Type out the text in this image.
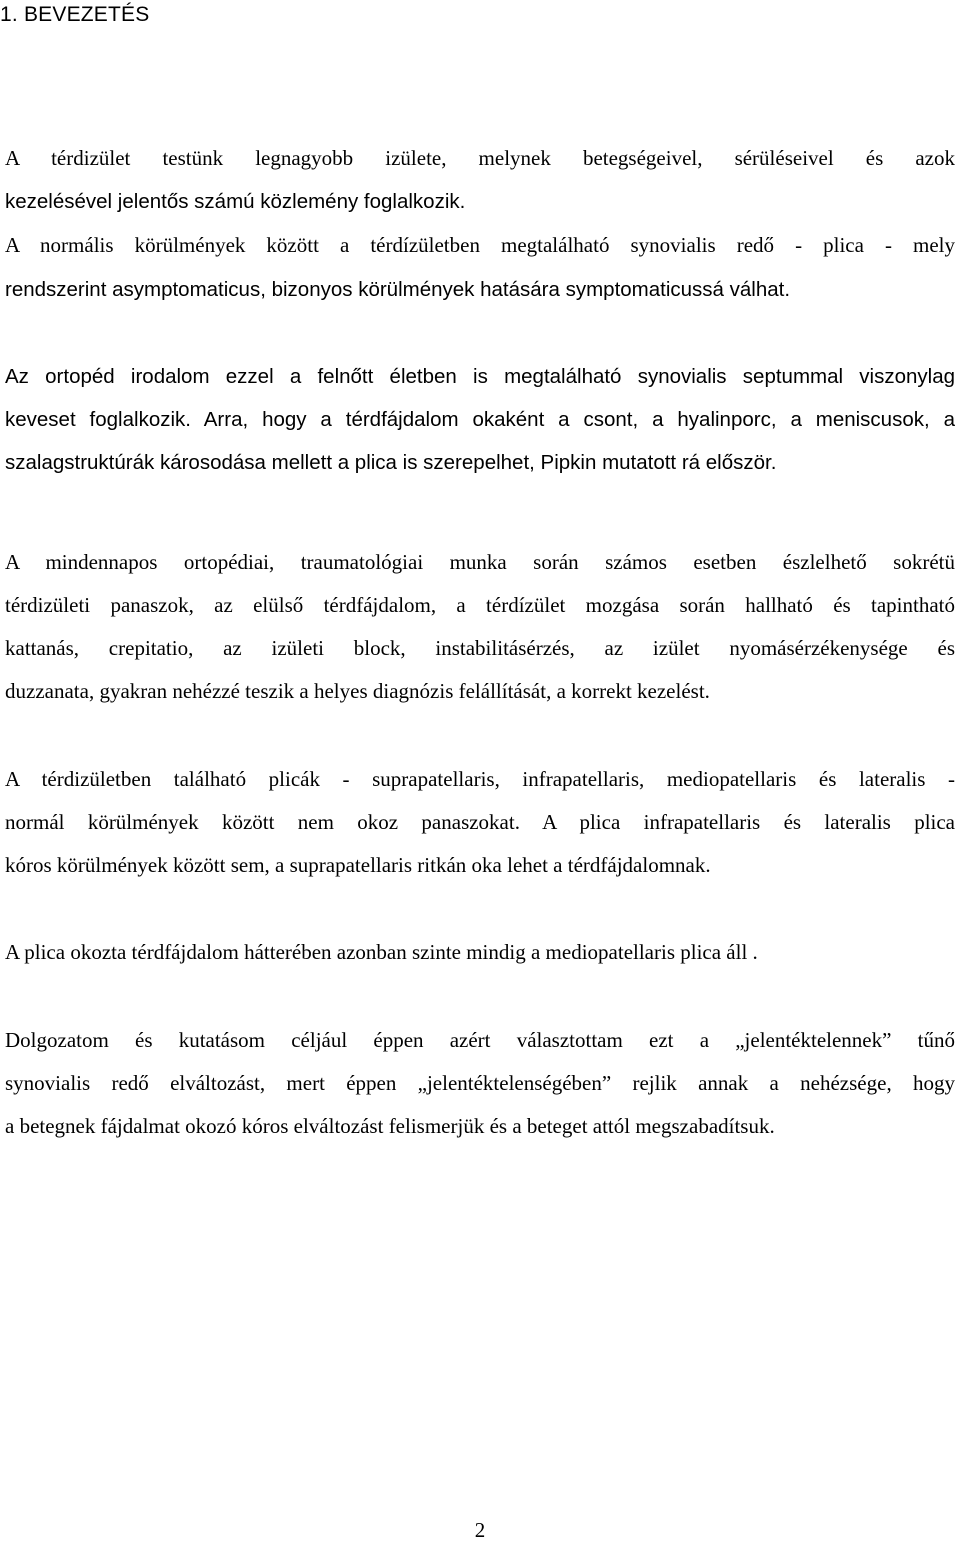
1. BEVEZETÉS
A térdizület testünk legnagyobb izülete, melynek betegségeivel, sérüléseivel és azok
kezelésével jelentős számú közlemény foglalkozik.
A normális körülmények között a térdízületben megtalálható synovialis redő - plica - mely
rendszerint asymptomaticus, bizonyos körülmények hatására symptomaticussá válhat.
Az ortopéd irodalom ezzel a felnőtt életben is megtalálható synovialis septummal viszonylag
keveset foglalkozik. Arra, hogy a térdfájdalom okaként a csont, a hyalinporc, a meniscusok, a
szalagstruktúrák károsodása mellett a plica is szerepelhet, Pipkin mutatott rá először.
A mindennapos ortopédiai, traumatológiai munka során számos esetben észlelhető sokrétü
térdizületi panaszok, az elülső térdfájdalom, a térdízület mozgása során hallható és tapintható
kattanás, crepitatio, az izületi block, instabilitásérzés, az izület nyomásérzékenysége és
duzzanata, gyakran nehézzé teszik a helyes diagnózis felállítását, a korrekt kezelést.
A térdizületben található plicák - suprapatellaris, infrapatellaris, mediopatellaris és lateralis -
normál körülmények között nem okoz panaszokat. A plica infrapatellaris és lateralis plica
kóros körülmények között sem, a suprapatellaris ritkán oka lehet a térdfájdalomnak.
A plica okozta térdfájdalom hátterében azonban szinte mindig a mediopatellaris plica áll .
Dolgozatom és kutatásom céljául éppen azért választottam ezt a „jelentéktelennek” tűnő
synovialis redő elváltozást, mert éppen „jelentéktelenségében” rejlik annak a nehézsége, hogy
a betegnek fájdalmat okozó kóros elváltozást felismerjük és a beteget attól megszabadítsuk.
2
